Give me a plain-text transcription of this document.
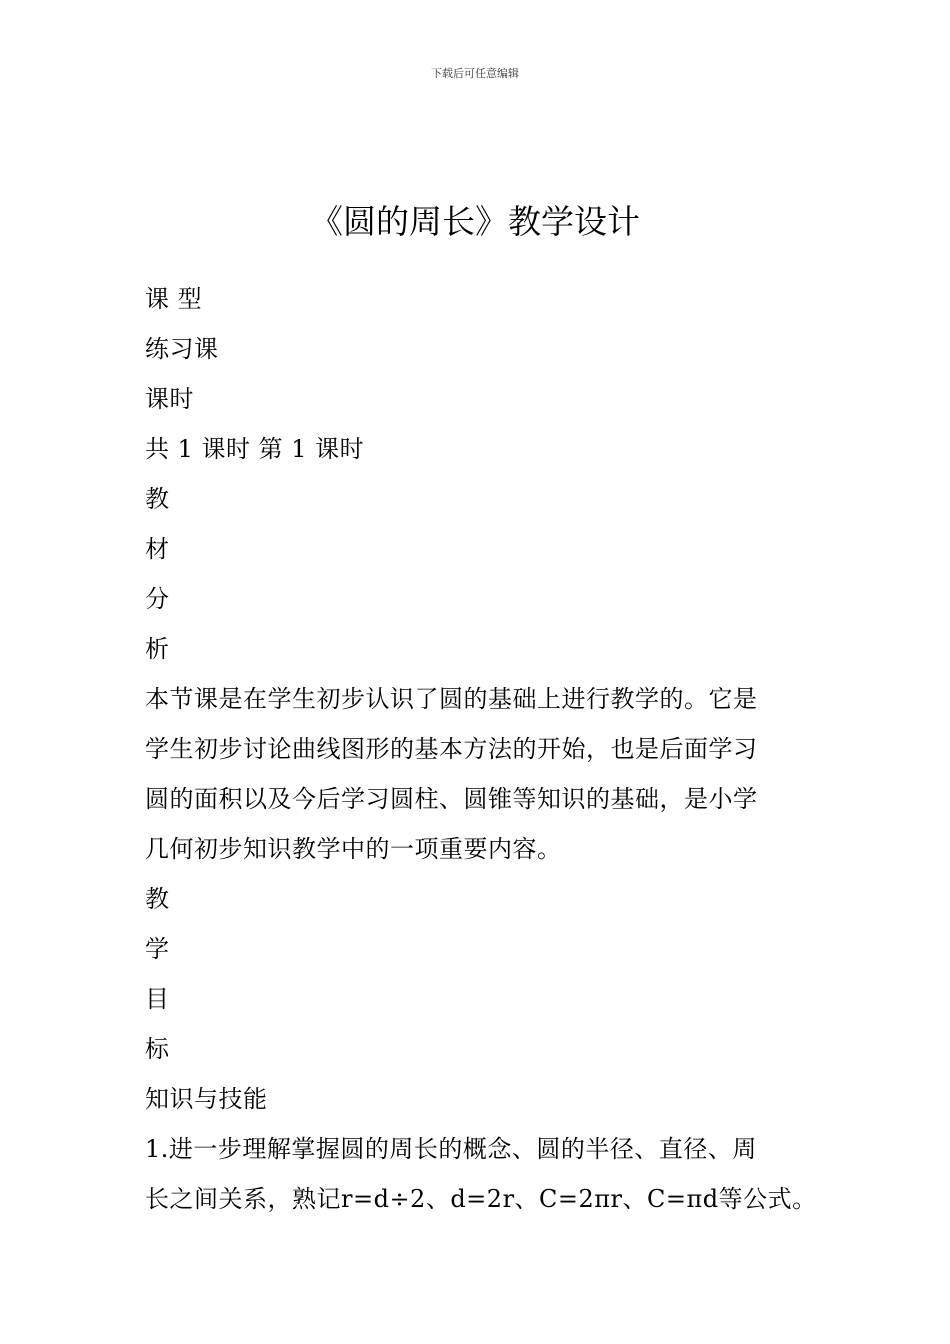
下载后可任意编辑
《圆的周长》教学设计
课 型
练习课
课时
共 1 课时 第 1 课时
教
材
分
析
本节课是在学生初步认识了圆的基础上进行教学的。它是
学生初步讨论曲线图形的基本方法的开始，也是后面学习
圆的面积以及今后学习圆柱、圆锥等知识的基础，是小学
几何初步知识教学中的一项重要内容。
教
学
目
标
知识与技能
1.进一步理解掌握圆的周长的概念、圆的半径、直径、周
长之间关系，熟记r=d÷2、d=2r、C=2πr、C=πd等公式。
